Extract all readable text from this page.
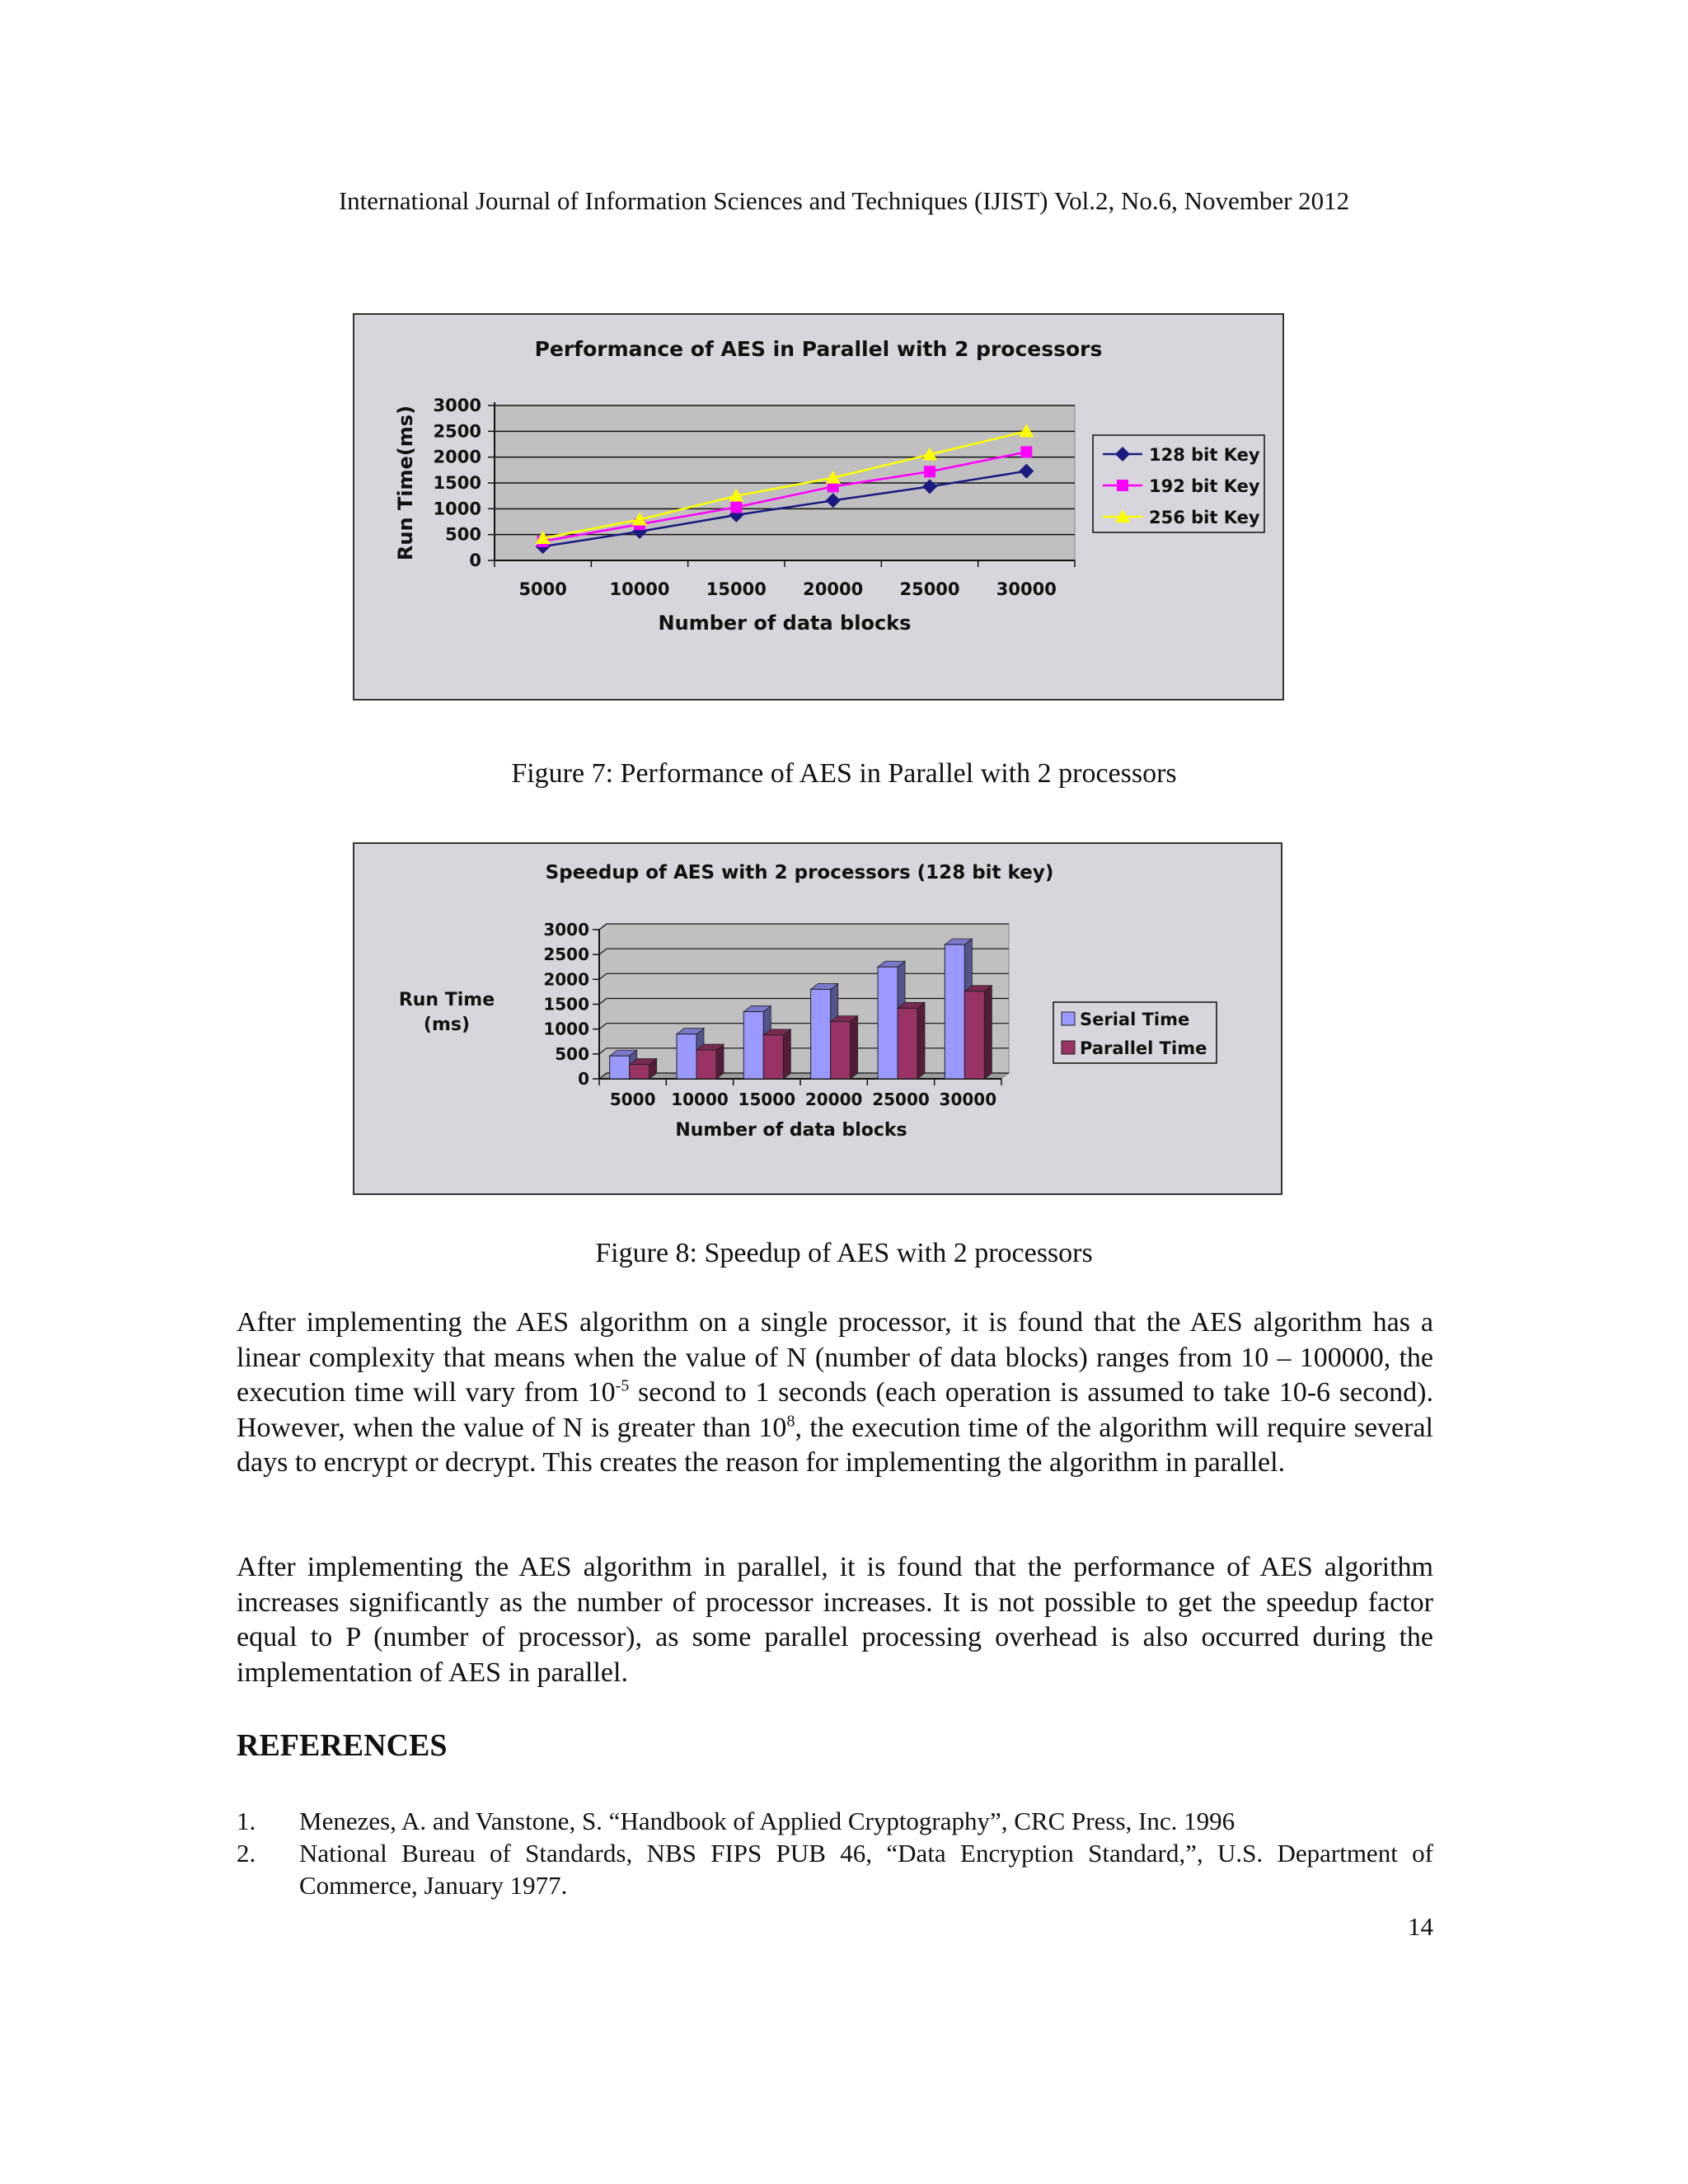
International Journal of Information Sciences and Techniques (IJIST) Vol.2, No.6, November 2012
Performance of AES in Parallel with 2 processors
0
500
1000
1500
2000
2500
3000
5000 10000 15000 20000 25000 30000
Number of data blocks
Run Time(ms)	128 bit Key
192 bit Key
256 bit Key
Figure 7: Performance of AES in Parallel with 2 processors
Speedup of AES with 2 processors (128 bit key)
0
500
1000
1500
2000
2500
3000
5000 10000 15000 20000 25000 30000
Number of data blocks
Run Time
(ms)	Serial Time
Parallel Time
Figure 8: Speedup of AES with 2 processors
After implementing the AES algorithm on a single processor, it is found that the AES algorithm has a linear complexity that means when the value of N (number of data blocks) ranges from 10 – 100000, the execution time will vary from $10^{-5}$ second to 1 seconds (each operation is assumed to take 10-6 second). However, when the value of N is greater than $10^8$, the execution time of the algorithm will require several days to encrypt or decrypt. This creates the reason for implementing the algorithm in parallel.
After implementing the AES algorithm in parallel, it is found that the performance of AES algorithm increases significantly as the number of processor increases. It is not possible to get the speedup factor equal to P (number of processor), as some parallel processing overhead is also occurred during the implementation of AES in parallel.
REFERENCES
1. Menezes, A. and Vanstone, S. “Handbook of Applied Cryptography”, CRC Press, Inc. 1996
2. National Bureau of Standards, NBS FIPS PUB 46, “Data Encryption Standard,”, U.S. Department of Commerce, January 1977.
14
